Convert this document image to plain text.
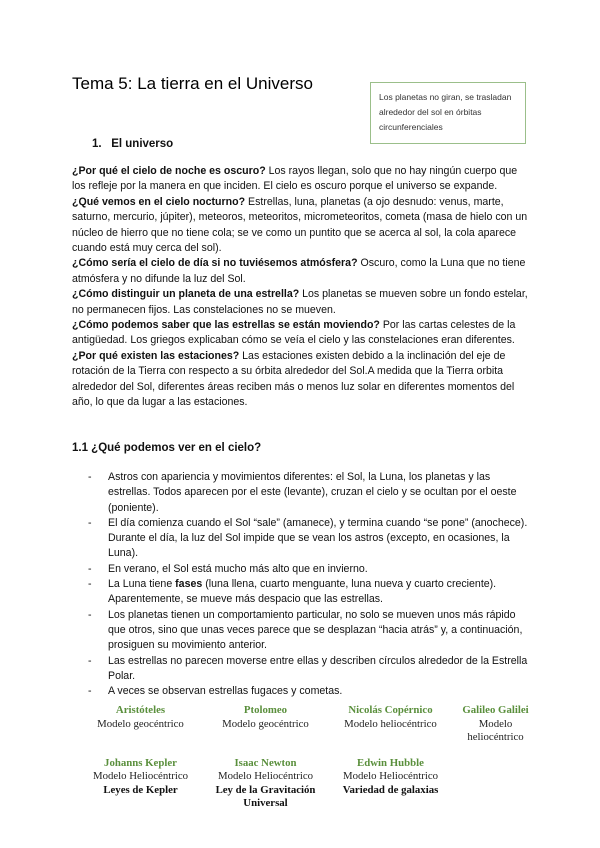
Tema 5: La tierra en el Universo
Los planetas no giran, se trasladan alrededor del sol en órbitas circunferenciales
1. El universo

¿Por qué el cielo de noche es oscuro? Los rayos llegan, solo que no hay ningún cuerpo que los refleje por la manera en que inciden. El cielo es oscuro porque el universo se expande.

¿Qué vemos en el cielo nocturno? Estrellas, luna, planetas (a ojo desnudo: venus, marte, saturno, mercurio, júpiter), meteoros, meteoritos, micrometeoritos, cometa (masa de hielo con un núcleo de hierro que no tiene cola; se ve como un puntito que se acerca al sol, la cola aparece cuando está muy cerca del sol).

¿Cómo sería el cielo de día si no tuviésemos atmósfera? Oscuro, como la Luna que no tiene atmósfera y no difunde la luz del Sol.

¿Cómo distinguir un planeta de una estrella? Los planetas se mueven sobre un fondo estelar, no permanecen fijos. Las constelaciones no se mueven.

¿Cómo podemos saber que las estrellas se están moviendo? Por las cartas celestes de la antigüedad. Los griegos explicaban cómo se veía el cielo y las constelaciones eran diferentes.

¿Por qué existen las estaciones? Las estaciones existen debido a la inclinación del eje de rotación de la Tierra con respecto a su órbita alrededor del Sol.A medida que la Tierra orbita alrededor del Sol, diferentes áreas reciben más o menos luz solar en diferentes momentos del año, lo que da lugar a las estaciones.

1.1 ¿Qué podemos ver en el cielo?
- Astros con apariencia y movimientos diferentes: el Sol, la Luna, los planetas y las estrellas. Todos aparecen por el este (levante), cruzan el cielo y se ocultan por el oeste (poniente).
- El día comienza cuando el Sol “sale” (amanece), y termina cuando “se pone” (anochece). Durante el día, la luz del Sol impide que se vean los astros (excepto, en ocasiones, la Luna).
- En verano, el Sol está mucho más alto que en invierno.
- La Luna tiene fases (luna llena, cuarto menguante, luna nueva y cuarto creciente). Aparentemente, se mueve más despacio que las estrellas.
- Los planetas tienen un comportamiento particular, no solo se mueven unos más rápido que otros, sino que unas veces parece que se desplazan “hacia atrás” y, a continuación, prosiguen su movimiento anterior.
- Las estrellas no parecen moverse entre ellas y describen círculos alrededor de la Estrella Polar.
- A veces se observan estrellas fugaces y cometas.
Aristóteles
Modelo geocéntrico
Ptolomeo
Modelo geocéntrico
Nicolás Copérnico
Modelo heliocéntrico
Galileo Galilei
Modelo heliocéntrico
Johanns Kepler
Modelo Heliocéntrico
Leyes de Kepler
Isaac Newton
Modelo Heliocéntrico
Ley de la Gravitación Universal
Edwin Hubble
Modelo Heliocéntrico
Variedad de galaxias
